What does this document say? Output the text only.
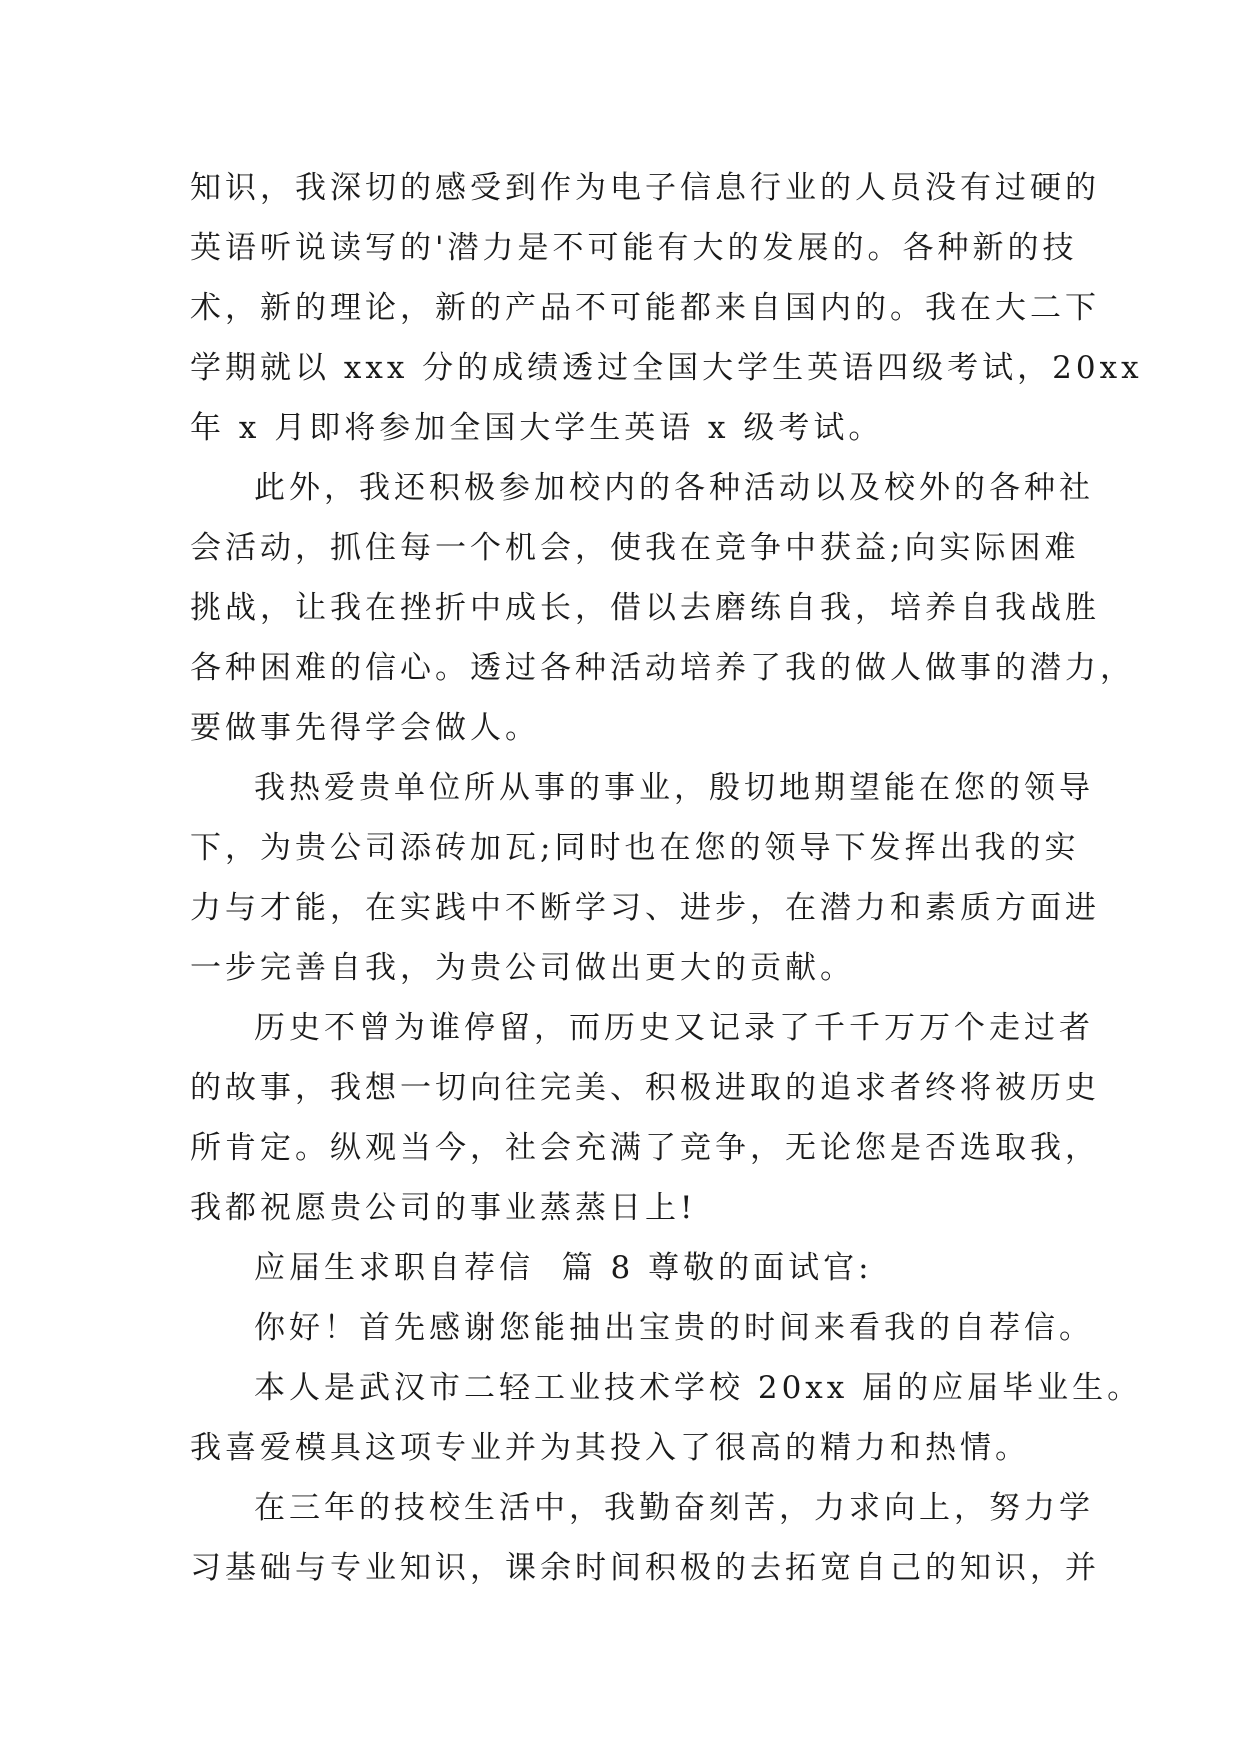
知识，我深切的感受到作为电子信息行业的人员没有过硬的
英语听说读写的'潜力是不可能有大的发展的。各种新的技
术，新的理论，新的产品不可能都来自国内的。我在大二下
学期就以 xxx 分的成绩透过全国大学生英语四级考试，20xx
年 x 月即将参加全国大学生英语 x 级考试。

此外，我还积极参加校内的各种活动以及校外的各种社
会活动，抓住每一个机会，使我在竞争中获益;向实际困难
挑战，让我在挫折中成长，借以去磨练自我，培养自我战胜
各种困难的信心。透过各种活动培养了我的做人做事的潜力，
要做事先得学会做人。

我热爱贵单位所从事的事业，殷切地期望能在您的领导
下，为贵公司添砖加瓦;同时也在您的领导下发挥出我的实
力与才能，在实践中不断学习、进步，在潜力和素质方面进
一步完善自我，为贵公司做出更大的贡献。

历史不曾为谁停留，而历史又记录了千千万万个走过者
的故事，我想一切向往完美、积极进取的追求者终将被历史
所肯定。纵观当今，社会充满了竞争，无论您是否选取我，
我都祝愿贵公司的事业蒸蒸日上!

应届生求职自荐信  篇 8 尊敬的面试官:

你好！首先感谢您能抽出宝贵的时间来看我的自荐信。

本人是武汉市二轻工业技术学校 20xx 届的应届毕业生。
我喜爱模具这项专业并为其投入了很高的精力和热情。

在三年的技校生活中，我勤奋刻苦，力求向上，努力学
习基础与专业知识，课余时间积极的去拓宽自己的知识，并
